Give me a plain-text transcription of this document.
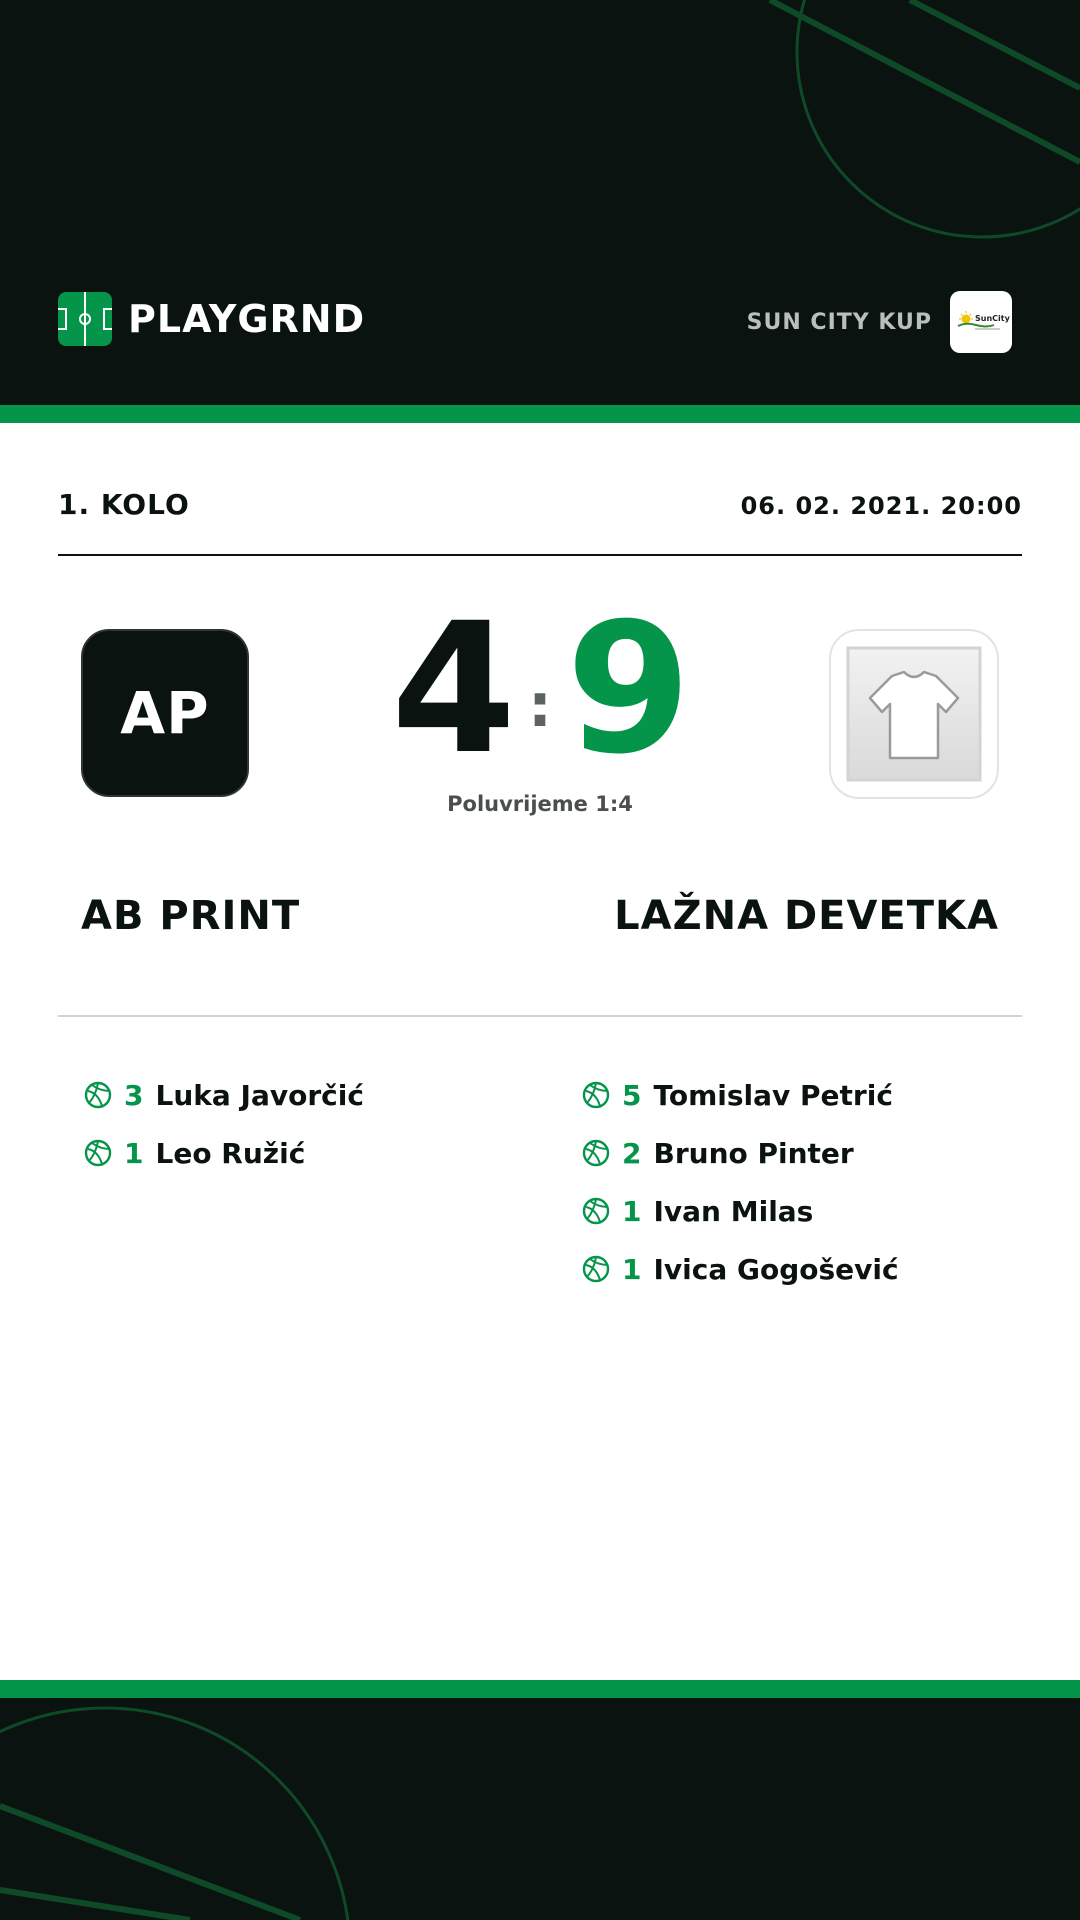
PLAYGRND	SUN CITY KUP	SunCity
1. KOLO	06. 02. 2021. 20:00
AP 4 : 9
Poluvrijeme 1:4
AB PRINT	LAŽNA DEVETKA
3 Luka Javorčić
1 Leo Ružić
5 Tomislav Petrić
2 Bruno Pinter
1 Ivan Milas
1 Ivica Gogošević
